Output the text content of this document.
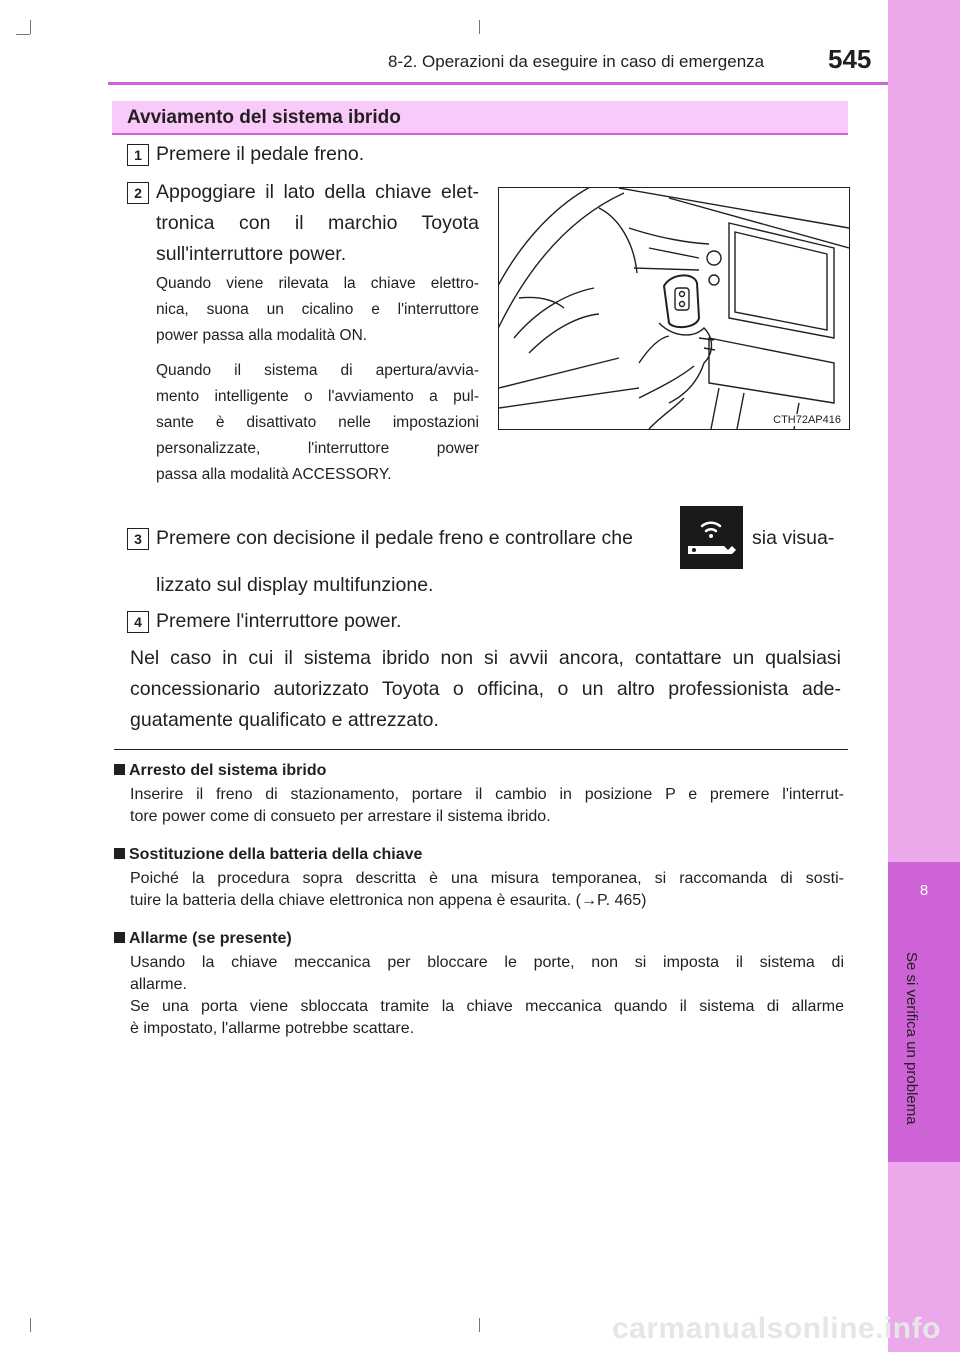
8
Se si verifica un problema
8-2. Operazioni da eseguire in caso di emergenza 545
Avviamento del sistema ibrido
1 Premere il pedale freno.
2 Appoggiare il lato della chiave elet-
tronica con il marchio Toyota
sull'interruttore power.
Quando viene rilevata la chiave elettro-
nica, suona un cicalino e l'interruttore
power passa alla modalità ON.
Quando il sistema di apertura/avvia-
mento intelligente o l'avviamento a pul-
sante è disattivato nelle impostazioni
personalizzate, l'interruttore power
passa alla modalità ACCESSORY.
CTH72AP416
3 Premere con decisione il pedale freno e controllare che	sia visua-
lizzato sul display multifunzione.
4 Premere l'interruttore power.
Nel caso in cui il sistema ibrido non si avvii ancora, contattare un qualsiasi
concessionario autorizzato Toyota o officina, o un altro professionista ade-
guatamente qualificato e attrezzato.
Arresto del sistema ibrido
Inserire il freno di stazionamento, portare il cambio in posizione P e premere l'interrut-
tore power come di consueto per arrestare il sistema ibrido.
Sostituzione della batteria della chiave
Poiché la procedura sopra descritta è una misura temporanea, si raccomanda di sosti-
tuire la batteria della chiave elettronica non appena è esaurita. (→P. 465)
Allarme (se presente)
Usando la chiave meccanica per bloccare le porte, non si imposta il sistema di
allarme.
Se una porta viene sbloccata tramite la chiave meccanica quando il sistema di allarme
è impostato, l'allarme potrebbe scattare.
carmanualsonline.info
